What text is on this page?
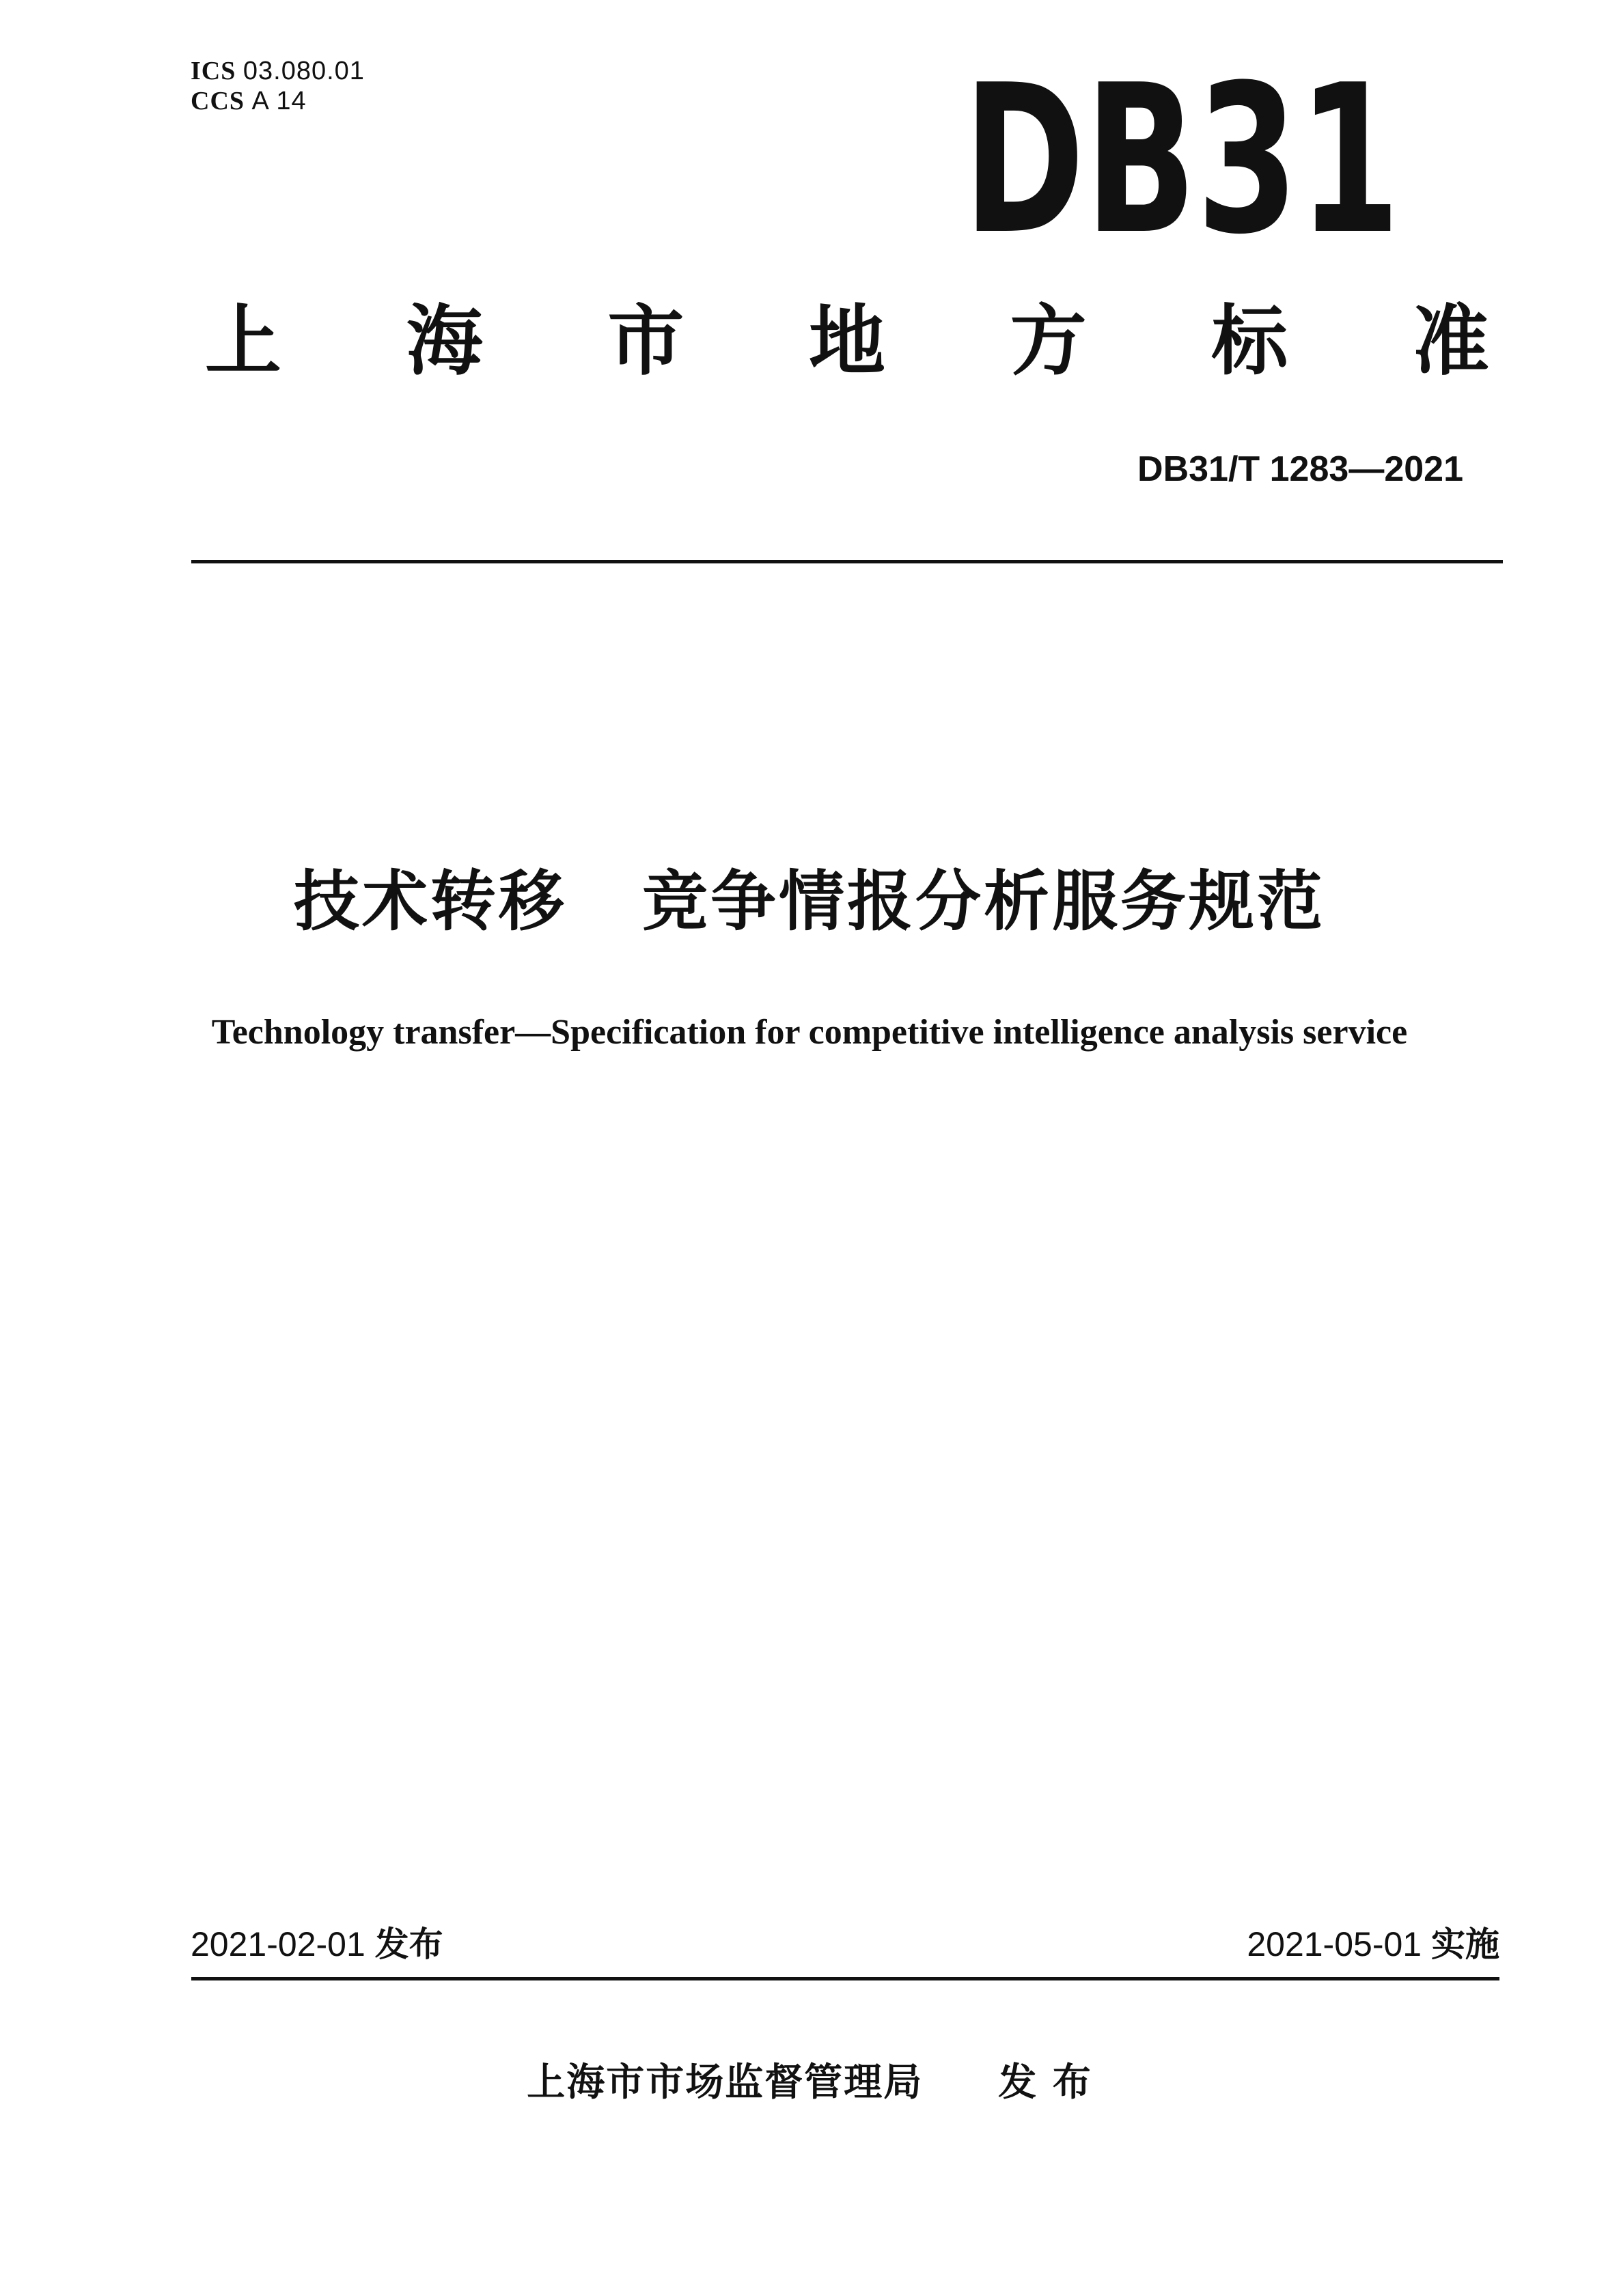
ICS 03.080.01
CCS A 14	DB31
上 海 市 地 方 标 准
DB31/T 1283—2021
技术转移 竞争情报分析服务规范
Technology transfer—Specification for competitive intelligence analysis service
2021-02-01 发布	2021-05-01 实施
上海市市场监督管理局 发 布
